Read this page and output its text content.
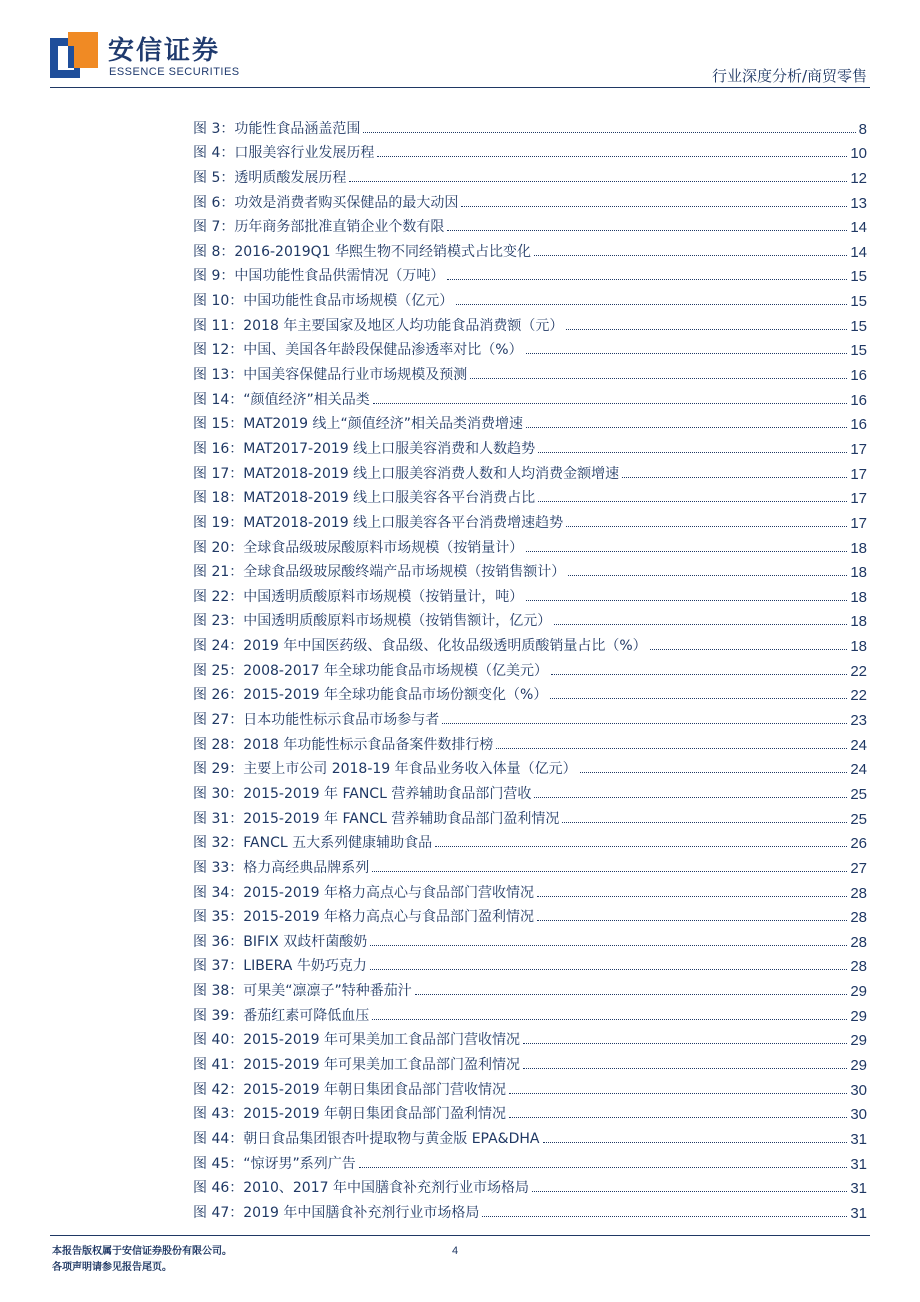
安信证券
ESSENCE SECURITIES	行业深度分析/商贸零售
图 3：功能性食品涵盖范围	8
图 4：口服美容行业发展历程	10
图 5：透明质酸发展历程	12
图 6：功效是消费者购买保健品的最大动因	13
图 7：历年商务部批准直销企业个数有限	14
图 8：2016-2019Q1 华熙生物不同经销模式占比变化	14
图 9：中国功能性食品供需情况（万吨）	15
图 10：中国功能性食品市场规模（亿元）	15
图 11：2018 年主要国家及地区人均功能食品消费额（元）	15
图 12：中国、美国各年龄段保健品渗透率对比（%）	15
图 13：中国美容保健品行业市场规模及预测	16
图 14：“颜值经济”相关品类	16
图 15：MAT2019 线上“颜值经济”相关品类消费增速	16
图 16：MAT2017-2019 线上口服美容消费和人数趋势	17
图 17：MAT2018-2019 线上口服美容消费人数和人均消费金额增速	17
图 18：MAT2018-2019 线上口服美容各平台消费占比	17
图 19：MAT2018-2019 线上口服美容各平台消费增速趋势	17
图 20：全球食品级玻尿酸原料市场规模（按销量计）	18
图 21：全球食品级玻尿酸终端产品市场规模（按销售额计）	18
图 22：中国透明质酸原料市场规模（按销量计，吨）	18
图 23：中国透明质酸原料市场规模（按销售额计，亿元）	18
图 24：2019 年中国医药级、食品级、化妆品级透明质酸销量占比（%）	18
图 25：2008-2017 年全球功能食品市场规模（亿美元）	22
图 26：2015-2019 年全球功能食品市场份额变化（%）	22
图 27：日本功能性标示食品市场参与者	23
图 28：2018 年功能性标示食品备案件数排行榜	24
图 29：主要上市公司 2018-19 年食品业务收入体量（亿元）	24
图 30：2015-2019 年 FANCL 营养辅助食品部门营收	25
图 31：2015-2019 年 FANCL 营养辅助食品部门盈利情况	25
图 32：FANCL 五大系列健康辅助食品	26
图 33：格力高经典品牌系列	27
图 34：2015-2019 年格力高点心与食品部门营收情况	28
图 35：2015-2019 年格力高点心与食品部门盈利情况	28
图 36：BIFIX 双歧杆菌酸奶	28
图 37：LIBERA 牛奶巧克力	28
图 38：可果美“凛凛子”特种番茄汁	29
图 39：番茄红素可降低血压	29
图 40：2015-2019 年可果美加工食品部门营收情况	29
图 41：2015-2019 年可果美加工食品部门盈利情况	29
图 42：2015-2019 年朝日集团食品部门营收情况	30
图 43：2015-2019 年朝日集团食品部门盈利情况	30
图 44：朝日食品集团银杏叶提取物与黄金版 EPA&DHA	31
图 45：“惊讶男”系列广告	31
图 46：2010、2017 年中国膳食补充剂行业市场格局	31
图 47：2019 年中国膳食补充剂行业市场格局	31
本报告版权属于安信证券股份有限公司。
各项声明请参见报告尾页。
4
